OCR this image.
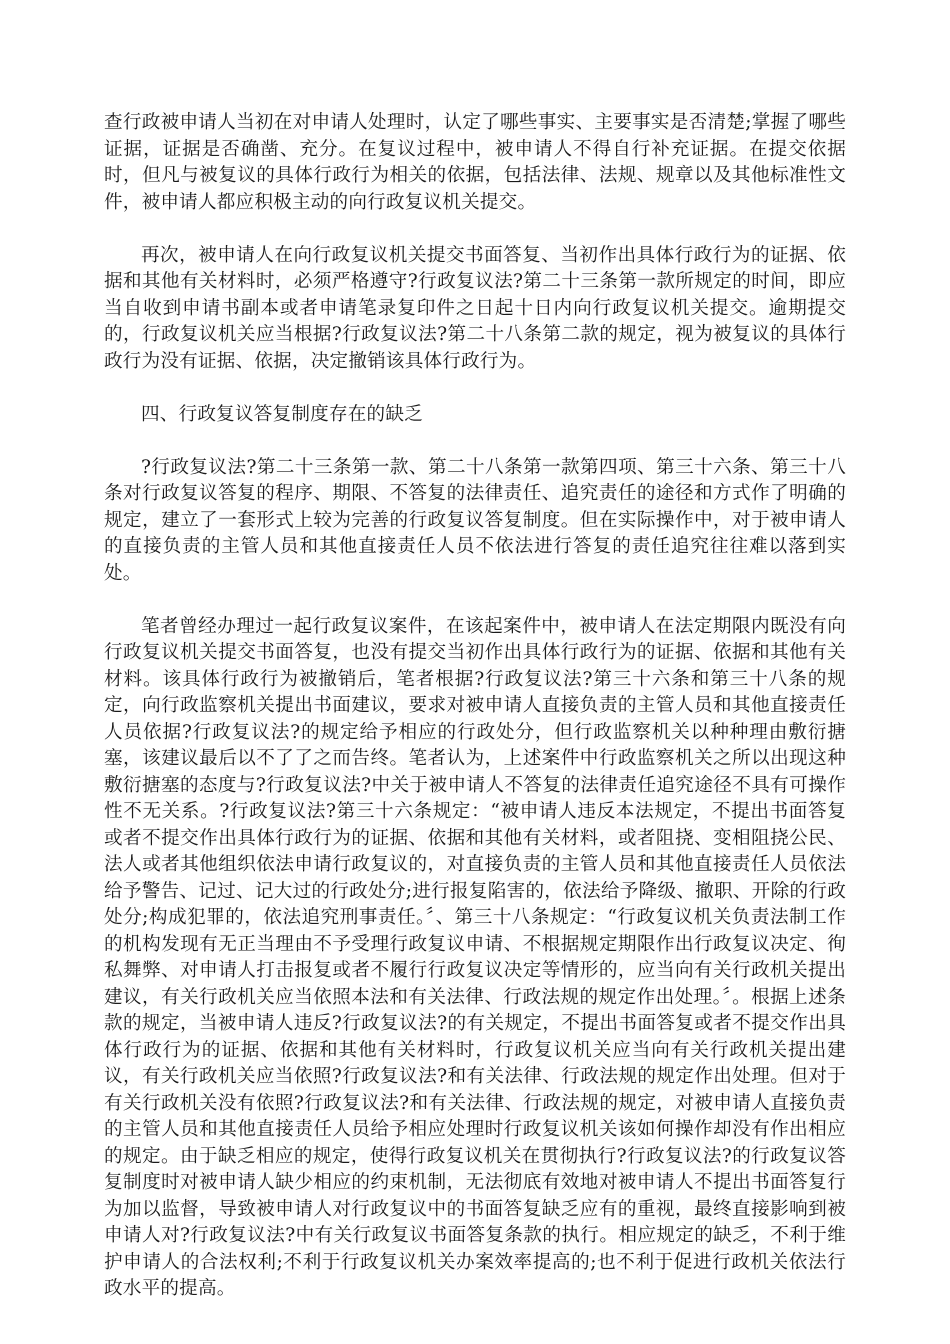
查行政被申请人当初在对申请人处理时，认定了哪些事实、主要事实是否清楚;掌握了哪些证据，证据是否确凿、充分。在复议过程中，被申请人不得自行补充证据。在提交依据时，但凡与被复议的具体行政行为相关的依据，包括法律、法规、规章以及其他标准性文件，被申请人都应积极主动的向行政复议机关提交。

再次，被申请人在向行政复议机关提交书面答复、当初作出具体行政行为的证据、依据和其他有关材料时，必须严格遵守?行政复议法?第二十三条第一款所规定的时间，即应当自收到申请书副本或者申请笔录复印件之日起十日内向行政复议机关提交。逾期提交的，行政复议机关应当根据?行政复议法?第二十八条第二款的规定，视为被复议的具体行政行为没有证据、依据，决定撤销该具体行政行为。

四、行政复议答复制度存在的缺乏

?行政复议法?第二十三条第一款、第二十八条第一款第四项、第三十六条、第三十八条对行政复议答复的程序、期限、不答复的法律责任、追究责任的途径和方式作了明确的规定，建立了一套形式上较为完善的行政复议答复制度。但在实际操作中，对于被申请人的直接负责的主管人员和其他直接责任人员不依法进行答复的责任追究往往难以落到实处。

笔者曾经办理过一起行政复议案件，在该起案件中，被申请人在法定期限内既没有向行政复议机关提交书面答复，也没有提交当初作出具体行政行为的证据、依据和其他有关材料。该具体行政行为被撤销后，笔者根据?行政复议法?第三十六条和第三十八条的规定，向行政监察机关提出书面建议，要求对被申请人直接负责的主管人员和其他直接责任人员依据?行政复议法?的规定给予相应的行政处分，但行政监察机关以种种理由敷衍搪塞，该建议最后以不了了之而告终。笔者认为，上述案件中行政监察机关之所以出现这种敷衍搪塞的态度与?行政复议法?中关于被申请人不答复的法律责任追究途径不具有可操作性不无关系。?行政复议法?第三十六条规定：“被申请人违反本法规定，不提出书面答复或者不提交作出具体行政行为的证据、依据和其他有关材料，或者阻挠、变相阻挠公民、法人或者其他组织依法申请行政复议的，对直接负责的主管人员和其他直接责任人员依法给予警告、记过、记大过的行政处分;进行报复陷害的，依法给予降级、撤职、开除的行政处分;构成犯罪的，依法追究刑事责任。〞、第三十八条规定：“行政复议机关负责法制工作的机构发现有无正当理由不予受理行政复议申请、不根据规定期限作出行政复议决定、徇私舞弊、对申请人打击报复或者不履行行政复议决定等情形的，应当向有关行政机关提出建议，有关行政机关应当依照本法和有关法律、行政法规的规定作出处理。〞。根据上述条款的规定，当被申请人违反?行政复议法?的有关规定，不提出书面答复或者不提交作出具体行政行为的证据、依据和其他有关材料时，行政复议机关应当向有关行政机关提出建议，有关行政机关应当依照?行政复议法?和有关法律、行政法规的规定作出处理。但对于有关行政机关没有依照?行政复议法?和有关法律、行政法规的规定，对被申请人直接负责的主管人员和其他直接责任人员给予相应处理时行政复议机关该如何操作却没有作出相应的规定。由于缺乏相应的规定，使得行政复议机关在贯彻执行?行政复议法?的行政复议答复制度时对被申请人缺少相应的约束机制，无法彻底有效地对被申请人不提出书面答复行为加以监督，导致被申请人对行政复议中的书面答复缺乏应有的重视，最终直接影响到被申请人对?行政复议法?中有关行政复议书面答复条款的执行。相应规定的缺乏，不利于维护申请人的合法权利;不利于行政复议机关办案效率提高的;也不利于促进行政机关依法行政水平的提高。
